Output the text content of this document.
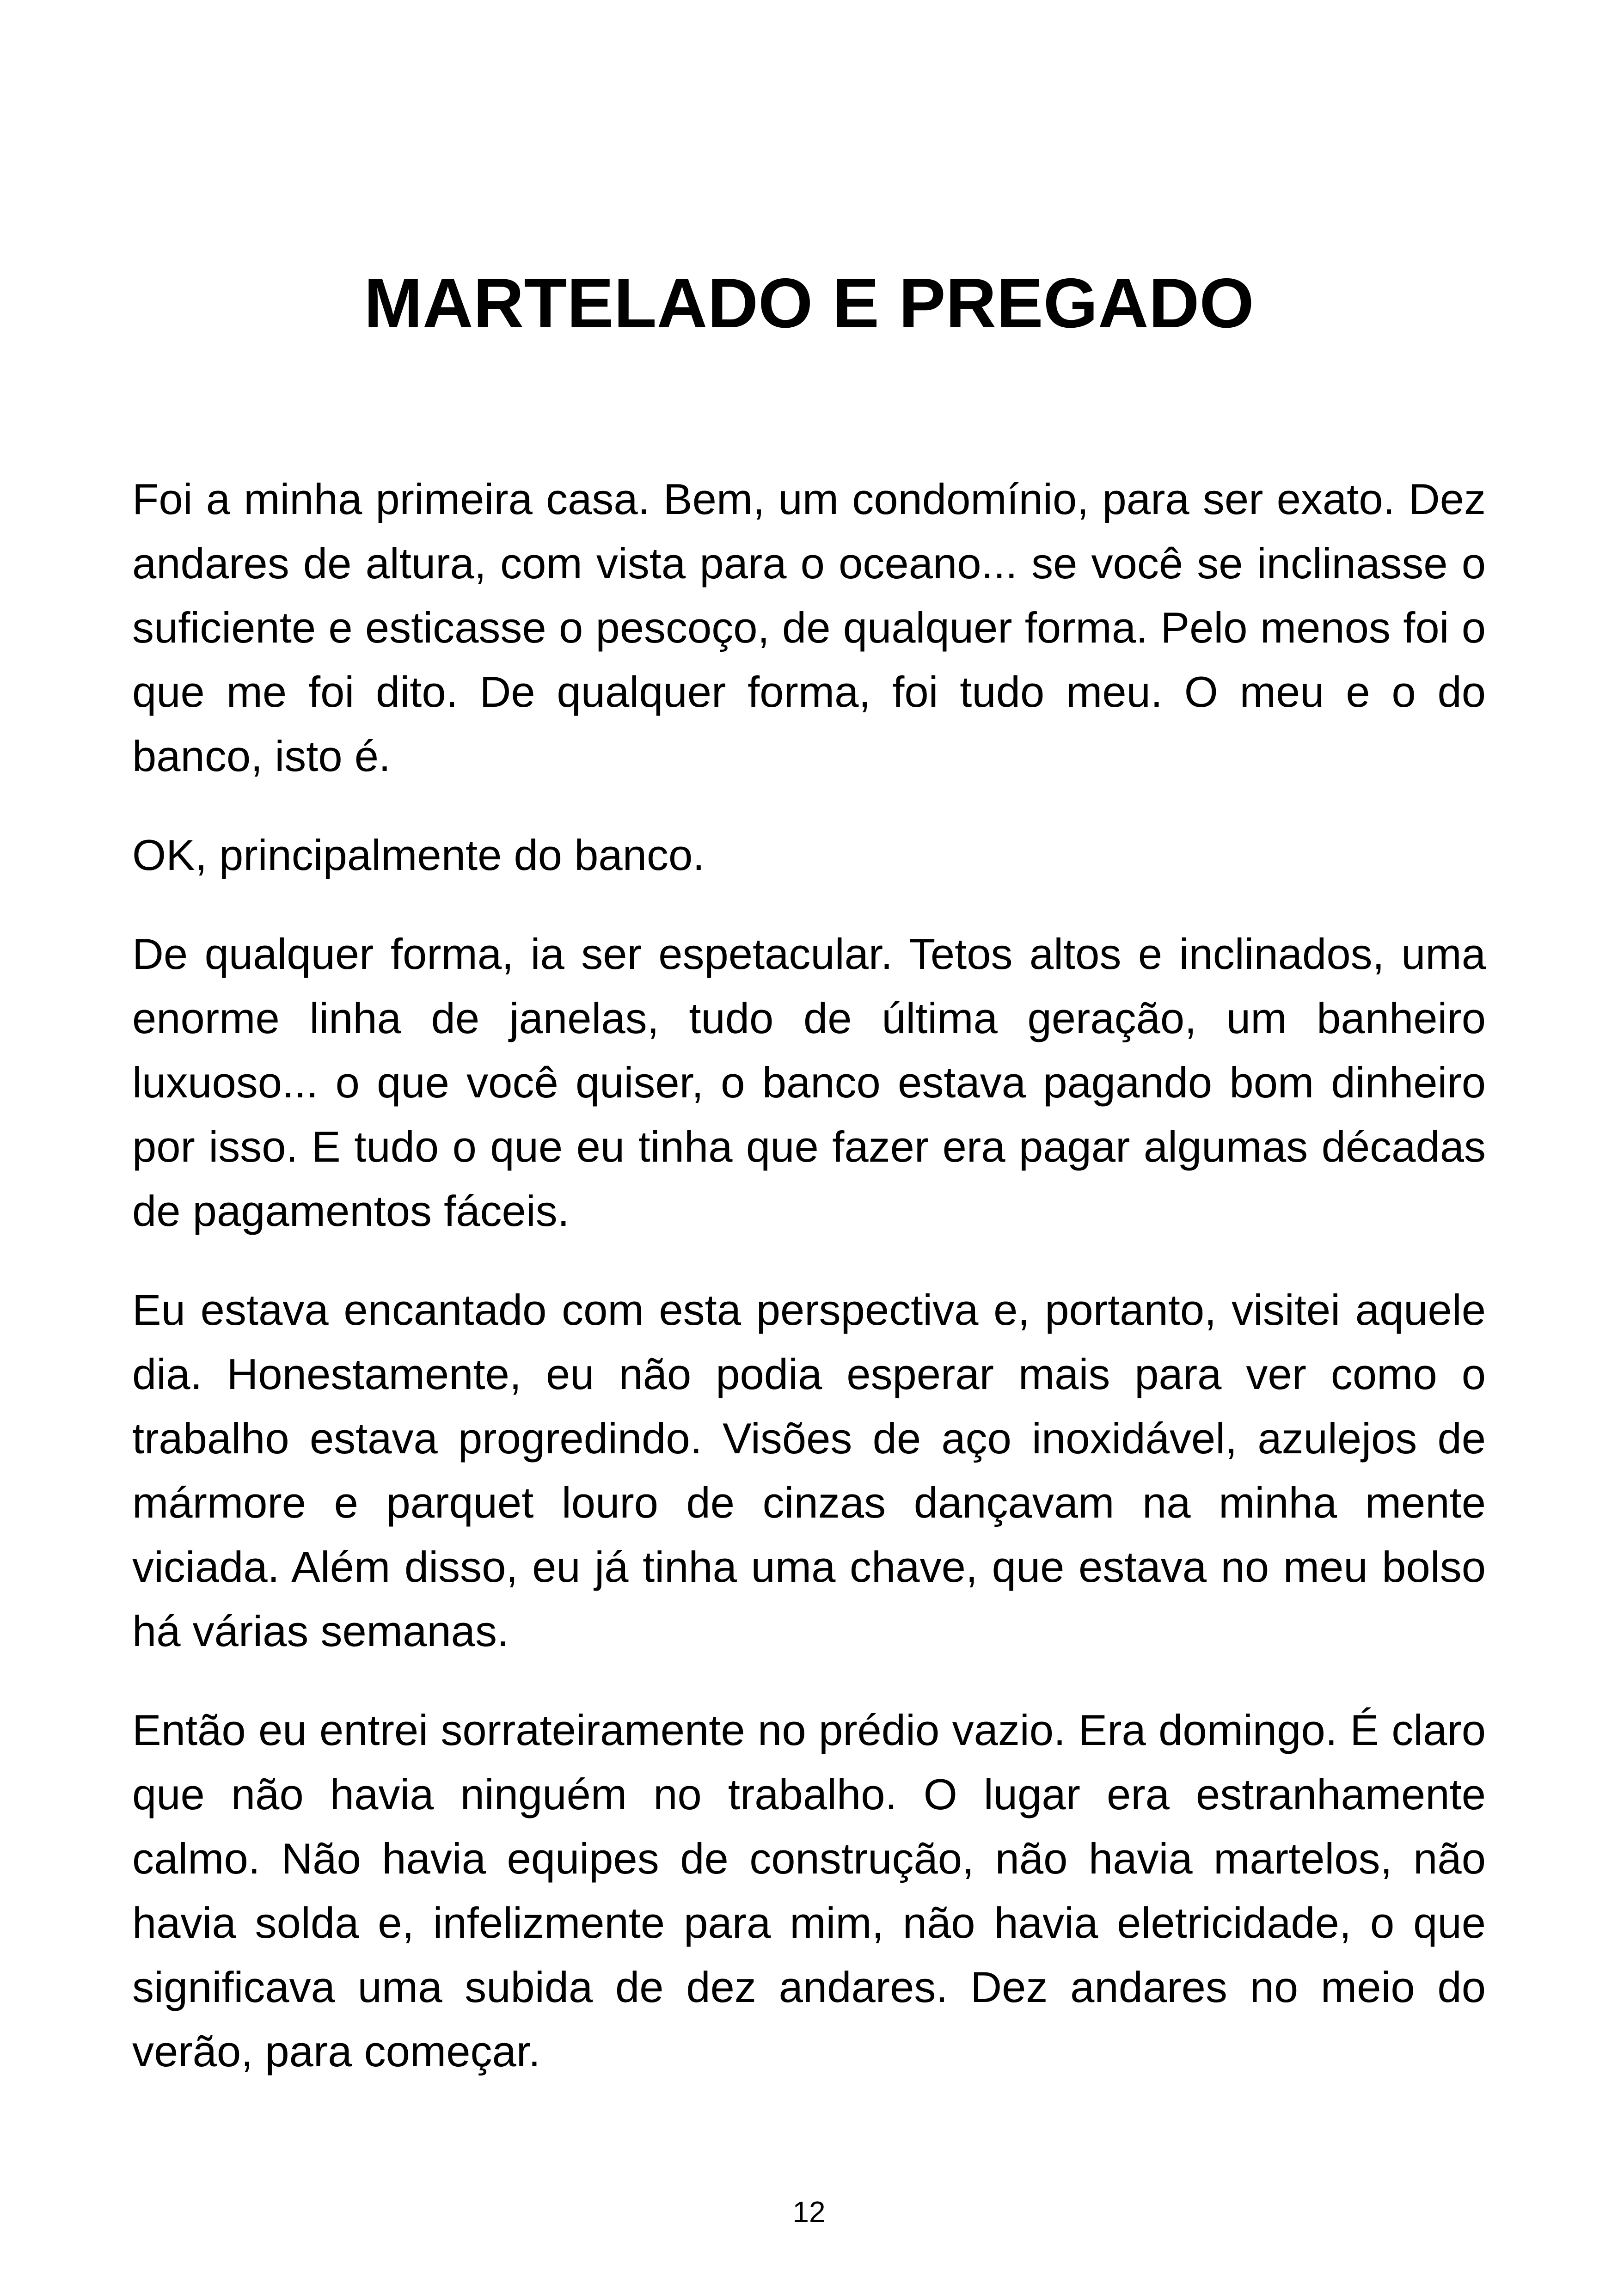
MARTELADO E PREGADO

Foi a minha primeira casa. Bem, um condomínio, para ser exato. Dez andares de altura, com vista para o oceano... se você se inclinasse o suficiente e esticasse o pescoço, de qualquer forma. Pelo menos foi o que me foi dito. De qualquer forma, foi tudo meu. O meu e o do banco, isto é.

OK, principalmente do banco.

De qualquer forma, ia ser espetacular. Tetos altos e inclinados, uma enorme linha de janelas, tudo de última geração, um banheiro luxuoso... o que você quiser, o banco estava pagando bom dinheiro por isso. E tudo o que eu tinha que fazer era pagar algumas décadas de pagamentos fáceis.

Eu estava encantado com esta perspectiva e, portanto, visitei aquele dia. Honestamente, eu não podia esperar mais para ver como o trabalho estava progredindo. Visões de aço inoxidável, azulejos de mármore e parquet louro de cinzas dançavam na minha mente viciada. Além disso, eu já tinha uma chave, que estava no meu bolso há várias semanas.

Então eu entrei sorrateiramente no prédio vazio. Era domingo. É claro que não havia ninguém no trabalho. O lugar era estranhamente calmo. Não havia equipes de construção, não havia martelos, não havia solda e, infelizmente para mim, não havia eletricidade, o que significava uma subida de dez andares. Dez andares no meio do verão, para começar.

12
